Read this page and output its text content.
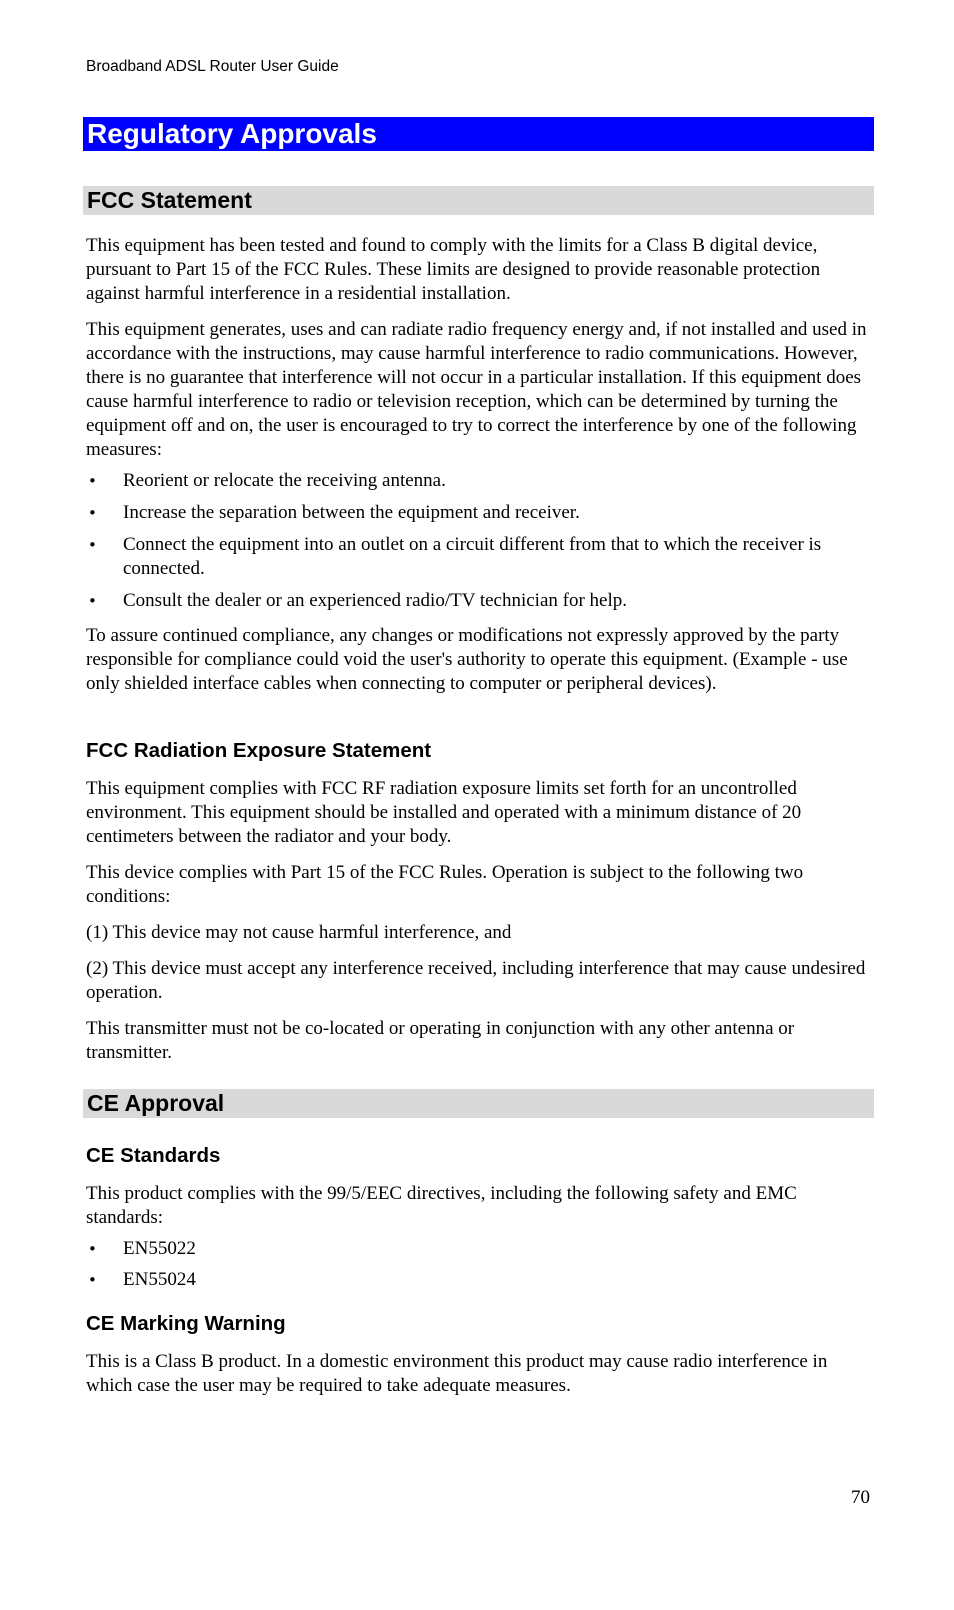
Broadband ADSL Router User Guide
Regulatory Approvals
FCC Statement

This equipment has been tested and found to comply with the limits for a Class B digital device, pursuant to Part 15 of the FCC Rules. These limits are designed to provide reasonable protection against harmful interference in a residential installation.

This equipment generates, uses and can radiate radio frequency energy and, if not installed and used in accordance with the instructions, may cause harmful interference to radio communications. However, there is no guarantee that interference will not occur in a particular installation. If this equipment does cause harmful interference to radio or television reception, which can be determined by turning the equipment off and on, the user is encouraged to try to correct the interference by one of the following measures:

• Reorient or relocate the receiving antenna.
• Increase the separation between the equipment and receiver.
• Connect the equipment into an outlet on a circuit different from that to which the receiver is connected.
• Consult the dealer or an experienced radio/TV technician for help.

To assure continued compliance, any changes or modifications not expressly approved by the party responsible for compliance could void the user's authority to operate this equipment. (Example - use only shielded interface cables when connecting to computer or peripheral devices).

FCC Radiation Exposure Statement

This equipment complies with FCC RF radiation exposure limits set forth for an uncontrolled environment. This equipment should be installed and operated with a minimum distance of 20 centimeters between the radiator and your body.

This device complies with Part 15 of the FCC Rules. Operation is subject to the following two conditions:

(1) This device may not cause harmful interference, and

(2) This device must accept any interference received, including interference that may cause undesired operation.

This transmitter must not be co-located or operating in conjunction with any other antenna or transmitter.

CE Approval
CE Standards

This product complies with the 99/5/EEC directives, including the following safety and EMC standards:

• EN55022
• EN55024
CE Marking Warning

This is a Class B product. In a domestic environment this product may cause radio interference in which case the user may be required to take adequate measures.

70
